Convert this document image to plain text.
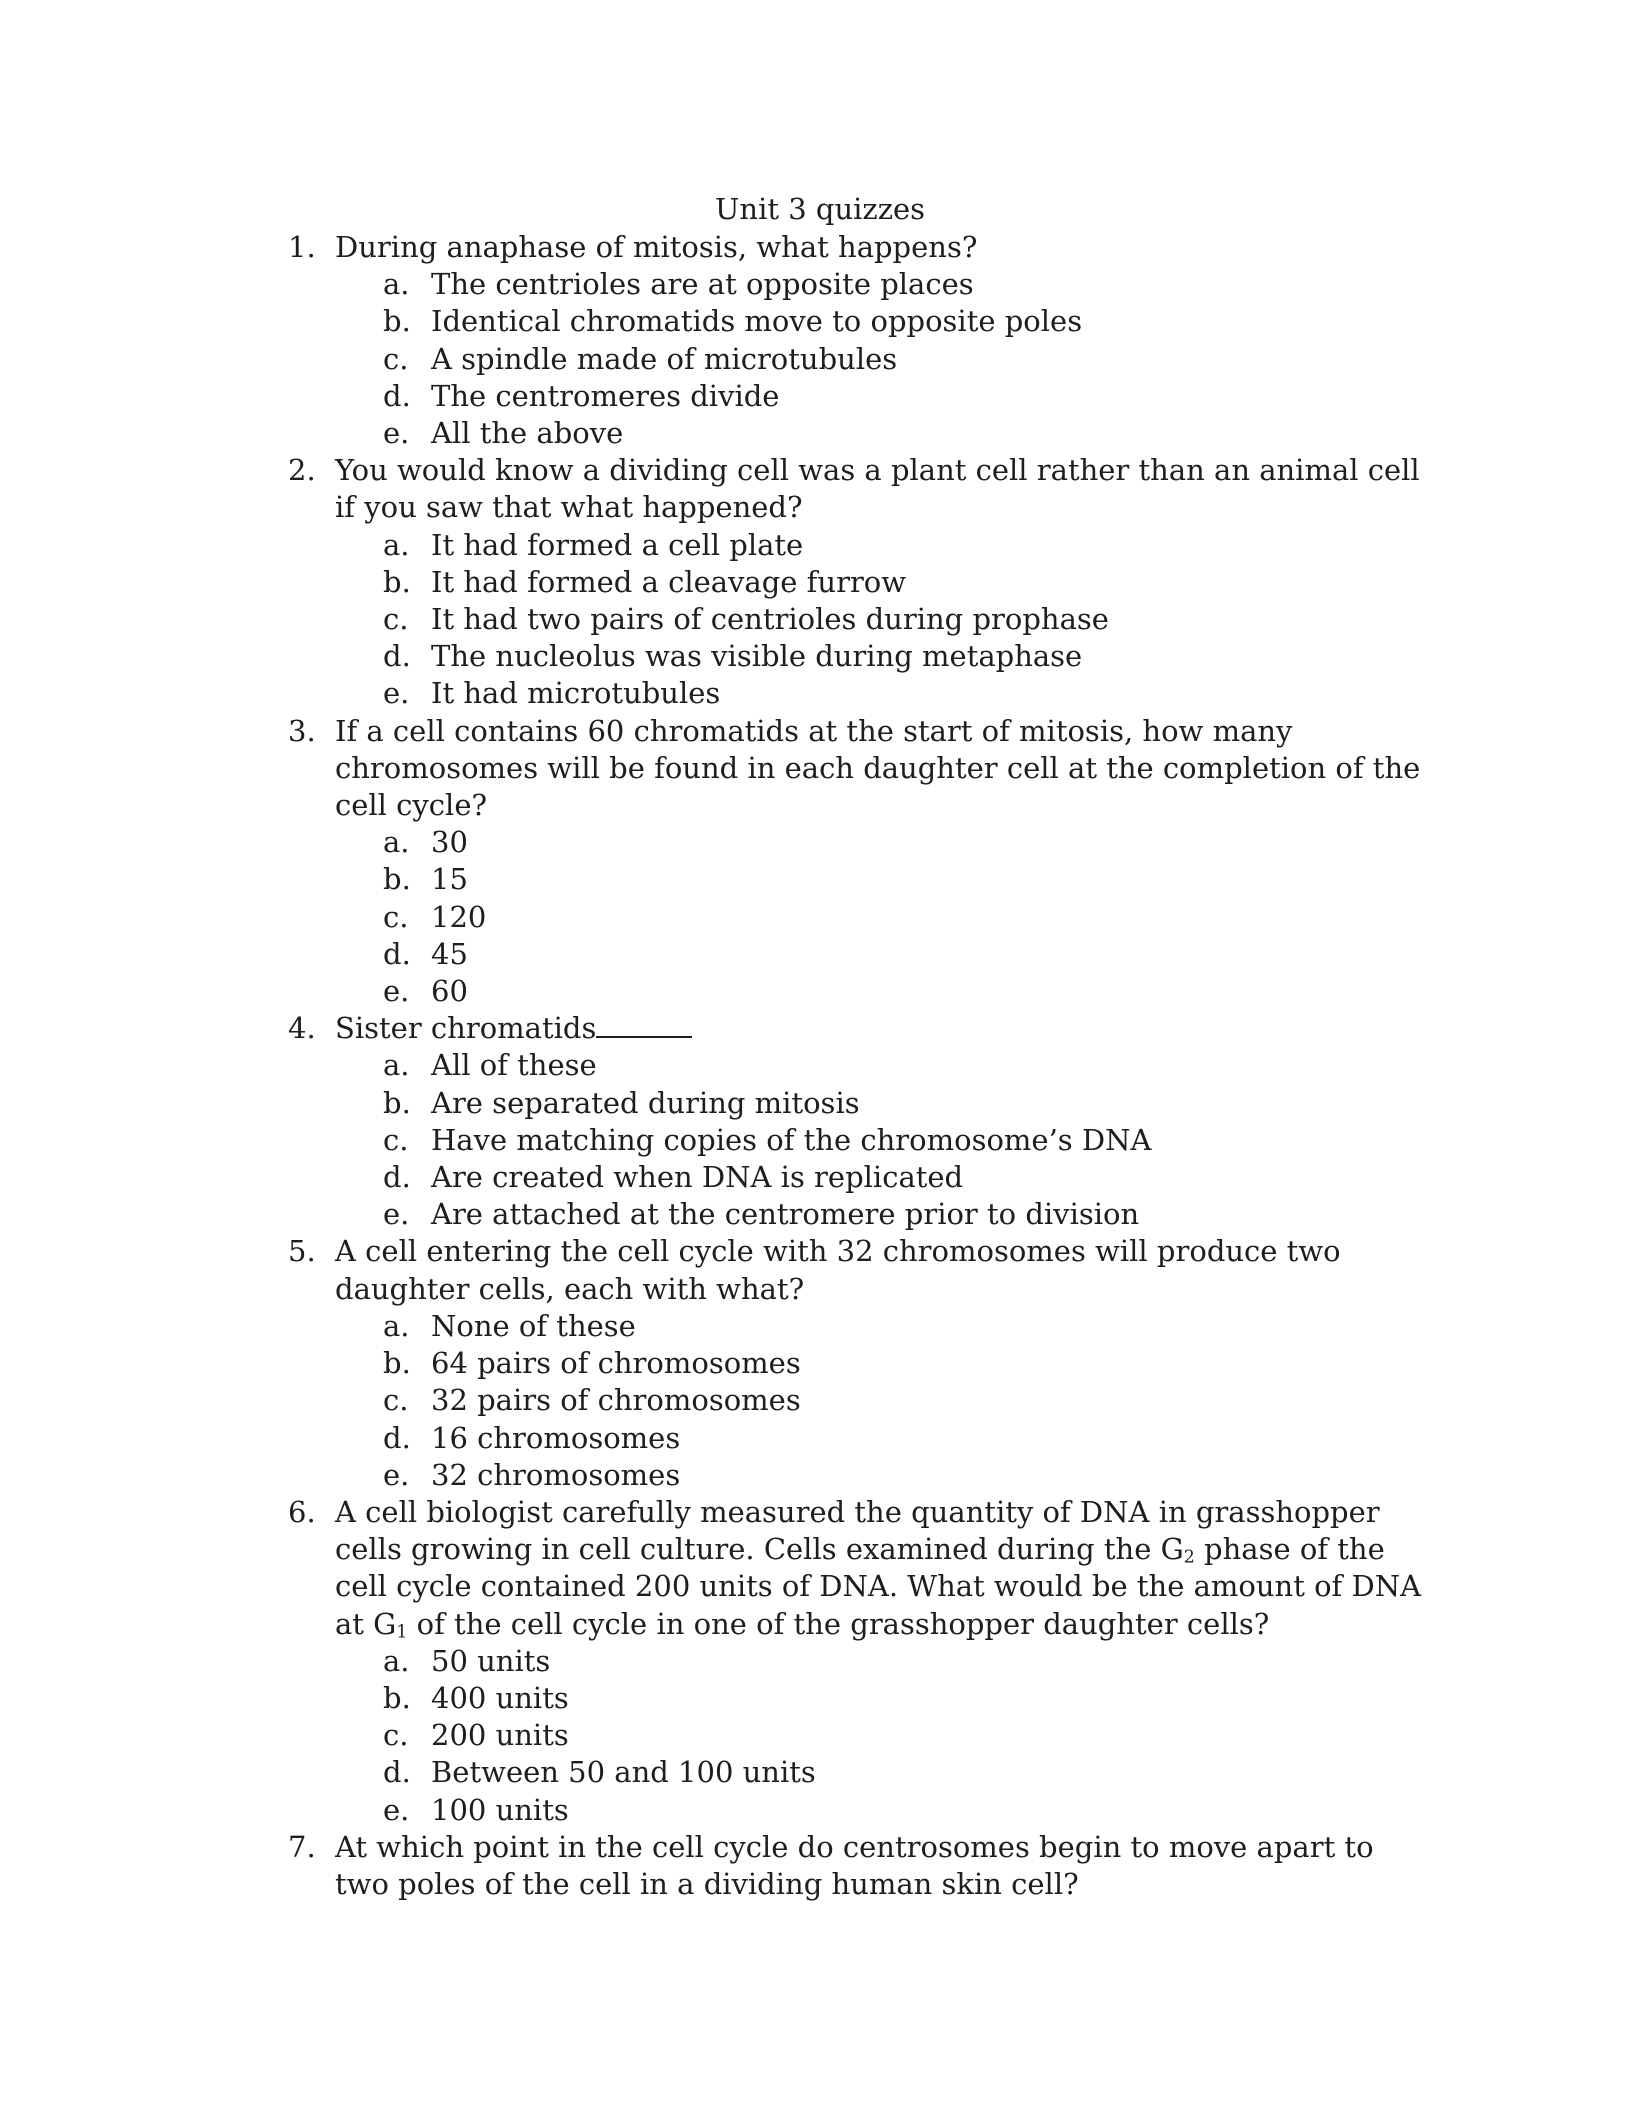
Unit 3 quizzes
1. During anaphase of mitosis, what happens?
a. The centrioles are at opposite places
b. Identical chromatids move to opposite poles
c. A spindle made of microtubules
d. The centromeres divide
e. All the above
2. You would know a dividing cell was a plant cell rather than an animal cell if you saw that what happened?
a. It had formed a cell plate
b. It had formed a cleavage furrow
c. It had two pairs of centrioles during prophase
d. The nucleolus was visible during metaphase
e. It had microtubules
3. If a cell contains 60 chromatids at the start of mitosis, how many chromosomes will be found in each daughter cell at the completion of the cell cycle?
a. 30
b. 15
c. 120
d. 45
e. 60
4. Sister chromatids
a. All of these
b. Are separated during mitosis
c. Have matching copies of the chromosome’s DNA
d. Are created when DNA is replicated
e. Are attached at the centromere prior to division
5. A cell entering the cell cycle with 32 chromosomes will produce two daughter cells, each with what?
a. None of these
b. 64 pairs of chromosomes
c. 32 pairs of chromosomes
d. 16 chromosomes
e. 32 chromosomes
6. A cell biologist carefully measured the quantity of DNA in grasshopper cells growing in cell culture. Cells examined during the $G_2$ phase of the cell cycle contained 200 units of DNA. What would be the amount of DNA at $G_1$ of the cell cycle in one of the grasshopper daughter cells?
a. 50 units
b. 400 units
c. 200 units
d. Between 50 and 100 units
e. 100 units
7. At which point in the cell cycle do centrosomes begin to move apart to two poles of the cell in a dividing human skin cell?
